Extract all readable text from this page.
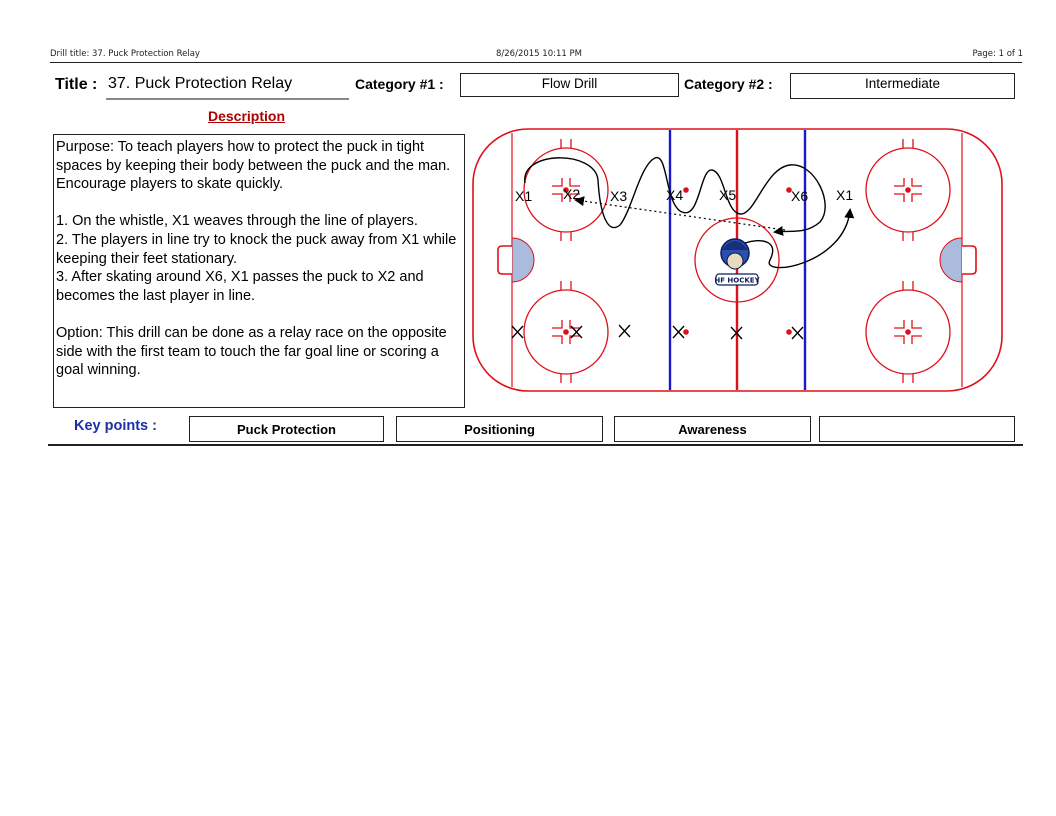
Drill title: 37. Puck Protection Relay	8/26/2015 10:11 PM	Page: 1 of 1
Title : 37. Puck Protection Relay	Category #1 :	Flow Drill	Category #2 :	Intermediate
Description

Purpose: To teach players how to protect the puck in tight spaces by keeping their body between the puck and the man. Encourage players to skate quickly.

1. On the whistle, X1 weaves through the line of players.

2. The players in line try to knock the puck away from X1 while keeping their feet stationary.

3. After skating around X6, X1 passes the puck to X2 and becomes the last player in line.

Option: This drill can be done as a relay race on the opposite side with the first team to touch the far goal line or scoring a goal winning.

HF HOCKEY
X1 X2 X3	X4	X5	X6 X1
Key points :	Puck Protection	Positioning	Awareness
